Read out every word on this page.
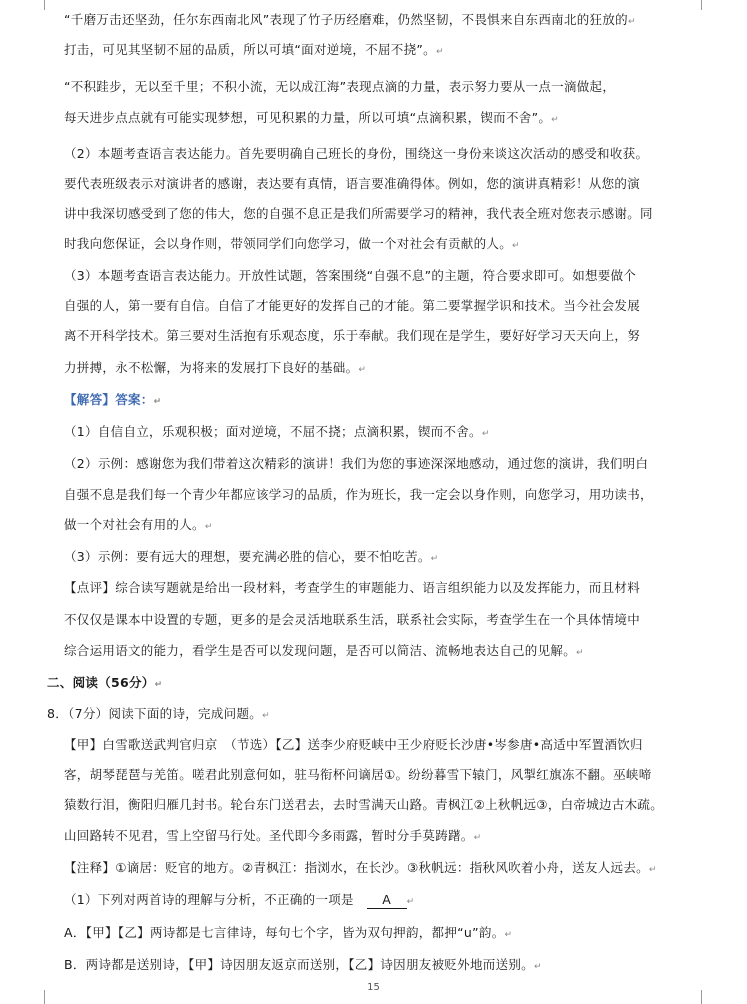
“千磨万击还坚劲，任尔东西南北风”表现了竹子历经磨难，仍然坚韧，不畏惧来自东西南北的狂放的↵
打击，可见其坚韧不屈的品质，所以可填“面对逆境，不屈不挠”。↵
“不积跬步，无以至千里；不积小流，无以成江海”表现点滴的力量，表示努力要从一点一滴做起，
每天进步点点就有可能实现梦想，可见积累的力量，所以可填“点滴积累，锲而不舍”。↵
（2）本题考查语言表达能力。首先要明确自己班长的身份，围绕这一身份来谈这次活动的感受和收获。
要代表班级表示对演讲者的感谢，表达要有真情，语言要准确得体。例如，您的演讲真精彩！从您的演
讲中我深切感受到了您的伟大，您的自强不息正是我们所需要学习的精神，我代表全班对您表示感谢。同
时我向您保证，会以身作则，带领同学们向您学习，做一个对社会有贡献的人。↵
（3）本题考查语言表达能力。开放性试题，答案围绕“自强不息”的主题，符合要求即可。如想要做个
自强的人，第一要有自信。自信了才能更好的发挥自己的才能。第二要掌握学识和技术。当今社会发展
离不开科学技术。第三要对生活抱有乐观态度，乐于奉献。我们现在是学生，要好好学习天天向上，努
力拼搏，永不松懈，为将来的发展打下良好的基础。↵
【解答】答案：↵
（1）自信自立，乐观积极；面对逆境，不屈不挠；点滴积累，锲而不舍。↵
（2）示例：感谢您为我们带着这次精彩的演讲！我们为您的事迹深深地感动，通过您的演讲，我们明白
自强不息是我们每一个青少年都应该学习的品质，作为班长，我一定会以身作则，向您学习，用功读书，
做一个对社会有用的人。↵
（3）示例：要有远大的理想，要充满必胜的信心，要不怕吃苦。↵
【点评】综合读写题就是给出一段材料，考查学生的审题能力、语言组织能力以及发挥能力，而且材料
不仅仅是课本中设置的专题，更多的是会灵活地联系生活，联系社会实际，考查学生在一个具体情境中
综合运用语文的能力，看学生是否可以发现问题，是否可以简洁、流畅地表达自己的见解。↵
二、阅读（56分）↵
8．（7分）阅读下面的诗，完成问题。↵
【甲】白雪歌送武判官归京　（节选）【乙】送李少府贬峡中王少府贬长沙唐•岑参唐•高适中军置酒饮归
客，胡琴琵琶与羌笛。嗟君此别意何如，驻马衔杯问谪居①。纷纷暮雪下辕门，风掣红旗冻不翻。巫峡啼
猿数行泪，衡阳归雁几封书。轮台东门送君去，去时雪满天山路。青枫江②上秋帆远③，白帝城边古木疏。
山回路转不见君，雪上空留马行处。圣代即今多雨露，暂时分手莫踌躇。↵
【注释】①谪居：贬官的地方。②青枫江：指浏水，在长沙。③秋帆远：指秋风吹着小舟，送友人远去。↵
（1）下列对两首诗的理解与分析，不正确的一项是　A ↵
A．【甲】【乙】两诗都是七言律诗，每句七个字，皆为双句押韵，都押“u”韵。↵
B．两诗都是送别诗，【甲】诗因朋友返京而送别，【乙】诗因朋友被贬外地而送别。↵
15
